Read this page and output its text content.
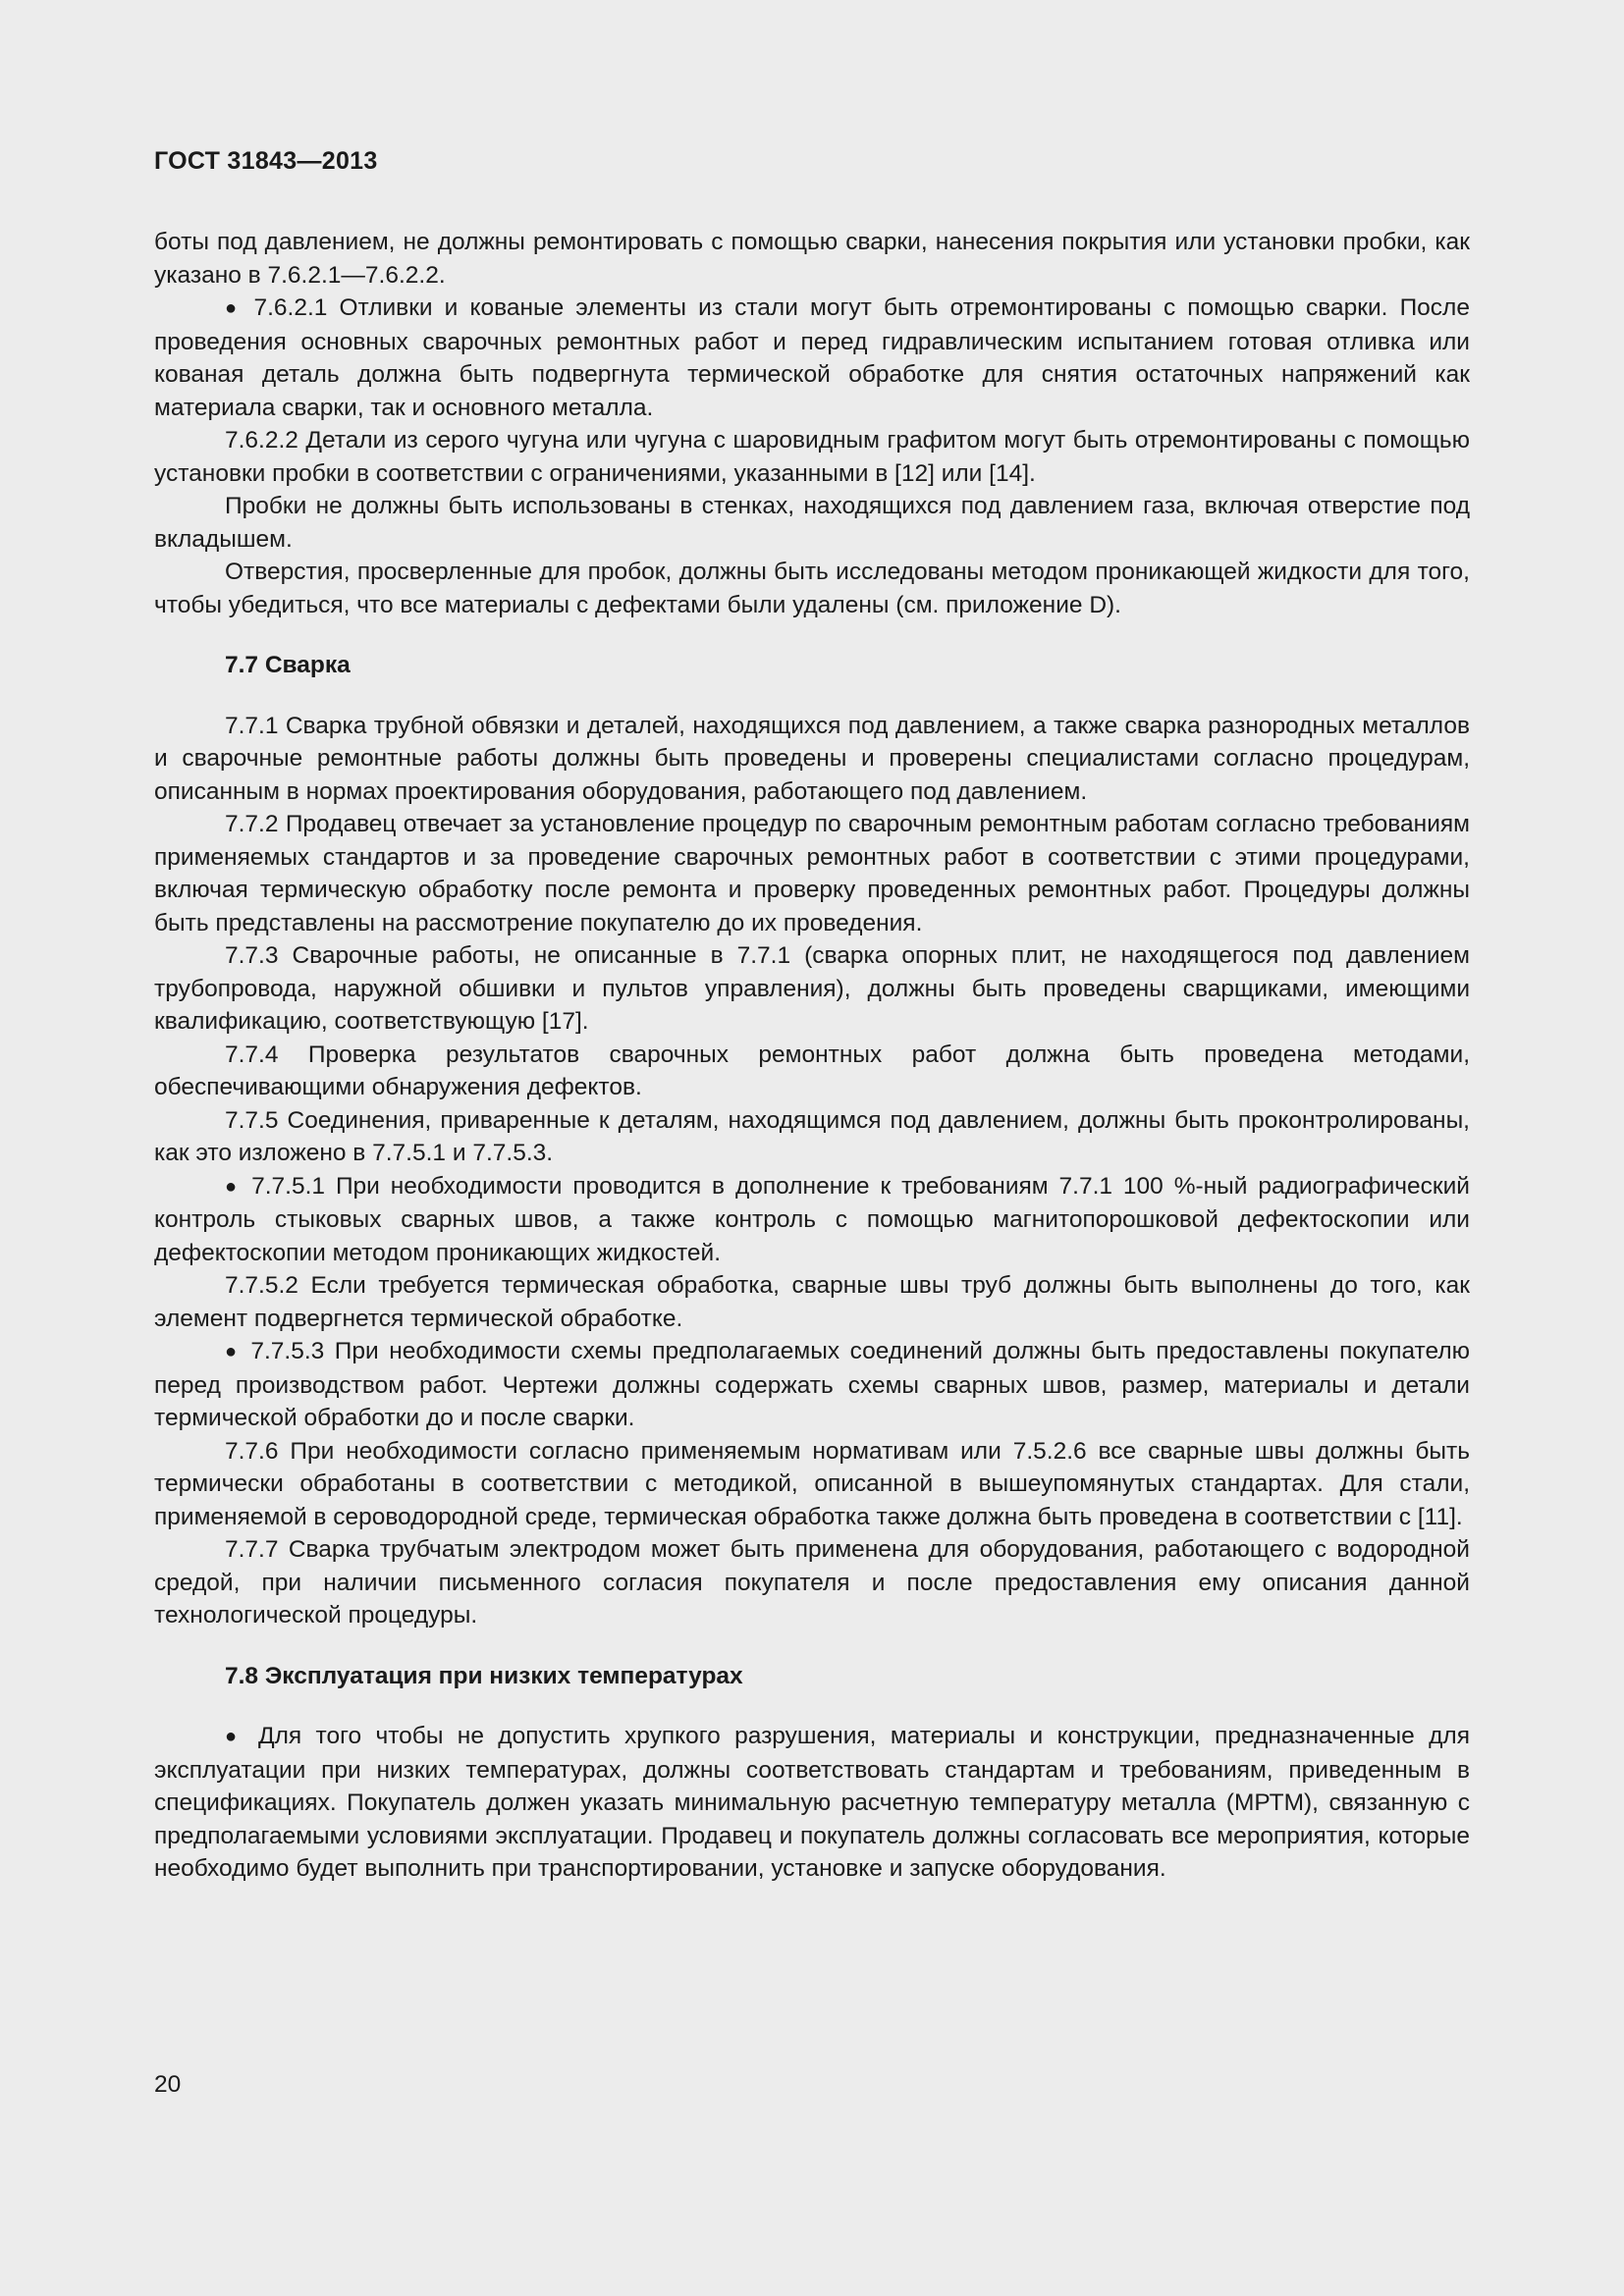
ГОСТ 31843—2013

боты под давлением, не должны ремонтировать с помощью сварки, нанесения покрытия или установки пробки, как указано в 7.6.2.1—7.6.2.2.

● 7.6.2.1 Отливки и кованые элементы из стали могут быть отремонтированы с помощью сварки. После проведения основных сварочных ремонтных работ и перед гидравлическим испытанием готовая отливка или кованая деталь должна быть подвергнута термической обработке для снятия остаточных напряжений как материала сварки, так и основного металла.

7.6.2.2 Детали из серого чугуна или чугуна с шаровидным графитом могут быть отремонтированы с помощью установки пробки в соответствии с ограничениями, указанными в [12] или [14].

Пробки не должны быть использованы в стенках, находящихся под давлением газа, включая отверстие под вкладышем.

Отверстия, просверленные для пробок, должны быть исследованы методом проникающей жидкости для того, чтобы убедиться, что все материалы с дефектами были удалены (см. приложение D).

7.7 Сварка

7.7.1 Сварка трубной обвязки и деталей, находящихся под давлением, а также сварка разнородных металлов и сварочные ремонтные работы должны быть проведены и проверены специалистами согласно процедурам, описанным в нормах проектирования оборудования, работающего под давлением.

7.7.2 Продавец отвечает за установление процедур по сварочным ремонтным работам согласно требованиям применяемых стандартов и за проведение сварочных ремонтных работ в соответствии с этими процедурами, включая термическую обработку после ремонта и проверку проведенных ремонтных работ. Процедуры должны быть представлены на рассмотрение покупателю до их проведения.

7.7.3 Сварочные работы, не описанные в 7.7.1 (сварка опорных плит, не находящегося под давлением трубопровода, наружной обшивки и пультов управления), должны быть проведены сварщиками, имеющими квалификацию, соответствующую [17].

7.7.4 Проверка результатов сварочных ремонтных работ должна быть проведена методами, обеспечивающими обнаружения дефектов.

7.7.5 Соединения, приваренные к деталям, находящимся под давлением, должны быть проконтролированы, как это изложено в 7.7.5.1 и 7.7.5.3.

● 7.7.5.1 При необходимости проводится в дополнение к требованиям 7.7.1 100 %-ный радиографический контроль стыковых сварных швов, а также контроль с помощью магнитопорошковой дефектоскопии или дефектоскопии методом проникающих жидкостей.

7.7.5.2 Если требуется термическая обработка, сварные швы труб должны быть выполнены до того, как элемент подвергнется термической обработке.

● 7.7.5.3 При необходимости схемы предполагаемых соединений должны быть предоставлены покупателю перед производством работ. Чертежи должны содержать схемы сварных швов, размер, материалы и детали термической обработки до и после сварки.

7.7.6 При необходимости согласно применяемым нормативам или 7.5.2.6 все сварные швы должны быть термически обработаны в соответствии с методикой, описанной в вышеупомянутых стандартах. Для стали, применяемой в сероводородной среде, термическая обработка также должна быть проведена в соответствии с [11].

7.7.7 Сварка трубчатым электродом может быть применена для оборудования, работающего с водородной средой, при наличии письменного согласия покупателя и после предоставления ему описания данной технологической процедуры.

7.8 Эксплуатация при низких температурах

● Для того чтобы не допустить хрупкого разрушения, материалы и конструкции, предназначенные для эксплуатации при низких температурах, должны соответствовать стандартам и требованиям, приведенным в спецификациях. Покупатель должен указать минимальную расчетную температуру металла (МРТМ), связанную с предполагаемыми условиями эксплуатации. Продавец и покупатель должны согласовать все мероприятия, которые необходимо будет выполнить при транспортировании, установке и запуске оборудования.

20
